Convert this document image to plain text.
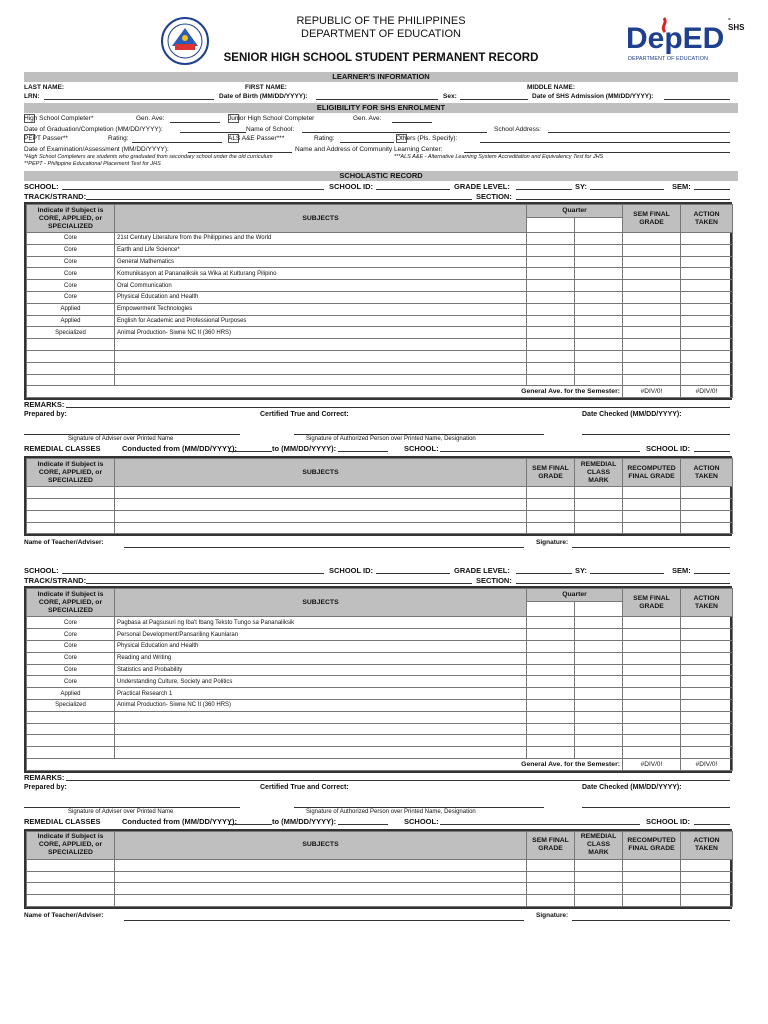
REPUBLIC OF THE PHILIPPINES
DEPARTMENT OF EDUCATION
SENIOR HIGH SCHOOL STUDENT PERMANENT RECORD
DepED
DEPARTMENT OF EDUCATION
-SHS
LEARNER'S INFORMATION
LAST NAME:	FIRST NAME:	MIDDLE NAME:
LRN:	Date of Birth (MM/DD/YYYY):	Sex:	Date of SHS Admission (MM/DD/YYYY):
ELIGIBILITY FOR SHS ENROLMENT
High School Completer*	Gen. Ave:	Junior High School Completer	Gen. Ave:
Date of Graduation/Completion (MM/DD/YYYY):	Name of School:	School Address:
PEPT Passer**	Rating:	ALS A&E Passer***	Rating:	Others (Pls. Specify):
Date of Examination/Assessment (MM/DD/YYYY):	Name and Address of Community Learning Center:
*High School Completers are students who graduated from secondary school under the old curriculum	***ALS A&E - Alternative Learning System Accreditation and Equivalency Test for JHS
**PEPT - Philippine Educational Placement Test for JHS
SCHOLASTIC RECORD
SCHOOL:	SCHOOL ID:	GRADE LEVEL:	SY:	SEM:
TRACK/STRAND:	SECTION:
Indicate if Subject is CORE, APPLIED, or SPECIALIZED	SUBJECTS	Quarter		SEM FINAL GRADE	ACTION TAKEN

Core	21st Century Literature from the Philippines and the World				
Core	Earth and Life Science*				
Core	General Mathematics				
Core	Komunikasyon at Pananaliksik sa Wika at Kulturang Pilipino				
Core	Oral Communication				
Core	Physical Education and Health				
Applied	Empowerment Technologies				
Applied	English for Academic and Professional Purposes				
Specialized	Animal Production- Siwne NC II (360 HRS)				

General Ave. for the Semester:				#DIV/0!	#DIV/0!
REMARKS:
Prepared by:	Certified True and Correct:	Date Checked (MM/DD/YYYY):
Signature of Adviser over Printed Name	Signature of Authorized Person over Printed Name, Designation
REMEDIAL CLASSES	Conducted from (MM/DD/YYYY):	to (MM/DD/YYYY):	SCHOOL:	SCHOOL ID:
Indicate if Subject is CORE, APPLIED, or SPECIALIZED	SUBJECTS	SEM FINAL GRADE	REMEDIAL CLASS MARK	RECOMPUTED FINAL GRADE	ACTION TAKEN

Name of Teacher/Adviser:	Signature:
SCHOOL:	SCHOOL ID:	GRADE LEVEL:	SY:	SEM:
TRACK/STRAND:	SECTION:
Indicate if Subject is CORE, APPLIED, or SPECIALIZED	SUBJECTS	Quarter		SEM FINAL GRADE	ACTION TAKEN

Core	Pagbasa at Pagsusuri ng Iba't Ibang Teksto Tungo sa Pananaliksik				
Core	Personal Development/Pansariling Kaunlaran				
Core	Physical Education and Health				
Core	Reading and Writing				
Core	Statistics and Probability				
Core	Understanding Culture, Society and Politics				
Applied	Practical Research 1				
Specialized	Animal Production- Siwne NC II (360 HRS)				

General Ave. for the Semester:				#DIV/0!	#DIV/0!
REMARKS:
Prepared by:	Certified True and Correct:	Date Checked (MM/DD/YYYY):
Signature of Adviser over Printed Name	Signature of Authorized Person over Printed Name, Designation
REMEDIAL CLASSES	Conducted from (MM/DD/YYYY):	to (MM/DD/YYYY):	SCHOOL:	SCHOOL ID:
Indicate if Subject is CORE, APPLIED, or SPECIALIZED	SUBJECTS	SEM FINAL GRADE	REMEDIAL CLASS MARK	RECOMPUTED FINAL GRADE	ACTION TAKEN

Name of Teacher/Adviser:	Signature:
